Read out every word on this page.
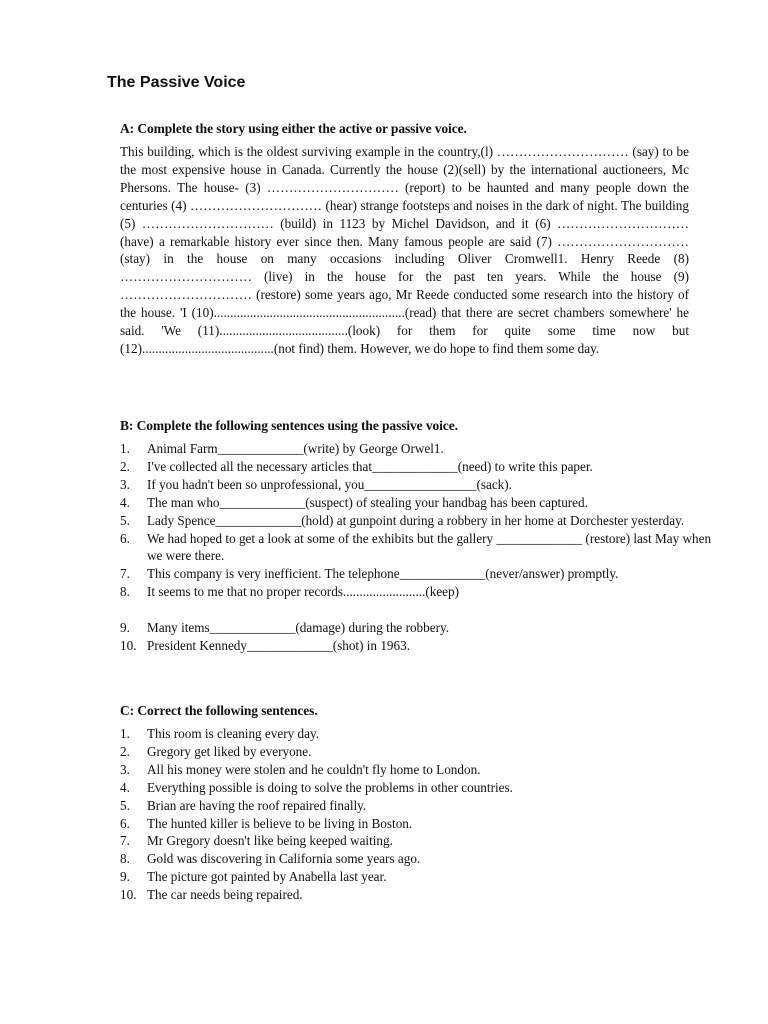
The Passive Voice

A: Complete the story using either the active or passive voice.

This building, which is the oldest surviving example in the country,(l) ………………………… (say) to be the most expensive house in Canada. Currently the house (2)(sell) by the international auctioneers, Mc Phersons. The house- (3) ………………………… (report) to be haunted and many people down the centuries (4) ………………………… (hear) strange footsteps and noises in the dark of night. The building (5) ………………………… (build) in 1123 by Michel Davidson, and it (6) ………………………… (have) a remarkable history ever since then. Many famous people are said (7) …………………………(stay) in the house on many occasions including Oliver Cromwell1. Henry Reede (8) ………………………… (live) in the house for the past ten years. While the house (9) ………………………… (restore) some years ago, Mr Reede conducted some research into the history of the house. 'I (10)..........................................................(read) that there are secret chambers somewhere' he said. 'We (11).......................................(look) for them for quite some time now but (12)........................................(not find) them. However, we do hope to find them some day.

B: Complete the following sentences using the passive voice.

1. Animal Farm_____________(write) by George Orwel1.
2. I've collected all the necessary articles that_____________(need) to write this paper.
3. If you hadn't been so unprofessional, you_________________(sack).
4. The man who_____________(suspect) of stealing your handbag has been captured.
5. Lady Spence_____________(hold) at gunpoint during a robbery in her home at Dorchester yesterday.
6. We had hoped to get a look at some of the exhibits but the gallery _____________ (restore) last May when we were there.
7. This company is very inefficient. The telephone_____________(never/answer) promptly.
8. It seems to me that no proper records.........................(keep)
9. Many items_____________(damage) during the robbery.
10. President Kennedy_____________(shot) in 1963.

C: Correct the following sentences.

1. This room is cleaning every day.
2. Gregory get liked by everyone.
3. All his money were stolen and he couldn't fly home to London.
4. Everything possible is doing to solve the problems in other countries.
5. Brian are having the roof repaired finally.
6. The hunted killer is believe to be living in Boston.
7. Mr Gregory doesn't like being keeped waiting.
8. Gold was discovering in California some years ago.
9. The picture got painted by Anabella last year.
10. The car needs being repaired.
